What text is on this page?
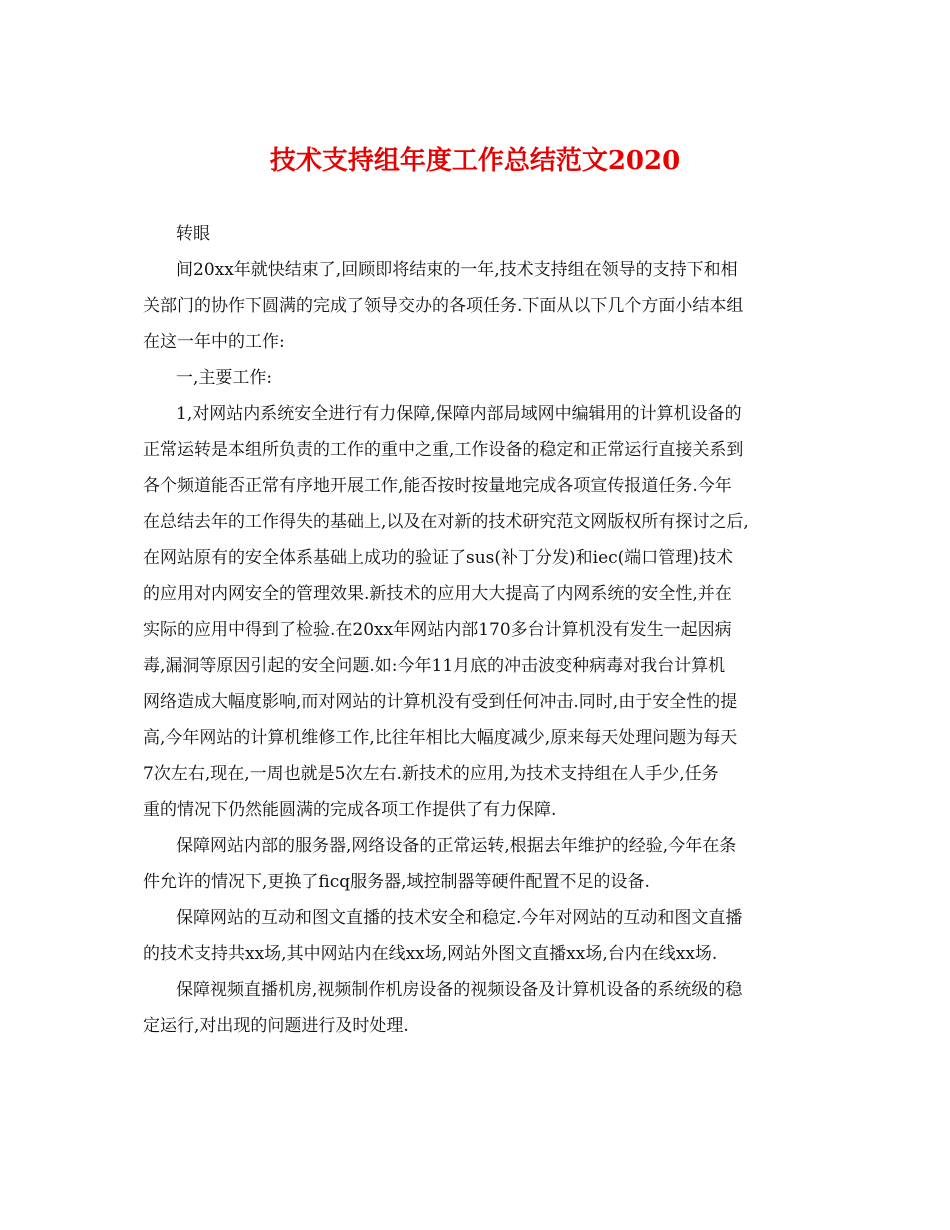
技术支持组年度工作总结范文2020
转眼
间20xx年就快结束了,回顾即将结束的一年,技术支持组在领导的支持下和相
关部门的协作下圆满的完成了领导交办的各项任务.下面从以下几个方面小结本组
在这一年中的工作:
一,主要工作:
1,对网站内系统安全进行有力保障,保障内部局域网中编辑用的计算机设备的
正常运转是本组所负责的工作的重中之重,工作设备的稳定和正常运行直接关系到
各个频道能否正常有序地开展工作,能否按时按量地完成各项宣传报道任务.今年
在总结去年的工作得失的基础上,以及在对新的技术研究范文网版权所有探讨之后,
在网站原有的安全体系基础上成功的验证了sus(补丁分发)和iec(端口管理)技术
的应用对内网安全的管理效果.新技术的应用大大提高了内网系统的安全性,并在
实际的应用中得到了检验.在20xx年网站内部170多台计算机没有发生一起因病
毒,漏洞等原因引起的安全问题.如:今年11月底的冲击波变种病毒对我台计算机
网络造成大幅度影响,而对网站的计算机没有受到任何冲击.同时,由于安全性的提
高,今年网站的计算机维修工作,比往年相比大幅度减少,原来每天处理问题为每天
7次左右,现在,一周也就是5次左右.新技术的应用,为技术支持组在人手少,任务
重的情况下仍然能圆满的完成各项工作提供了有力保障.
保障网站内部的服务器,网络设备的正常运转,根据去年维护的经验,今年在条
件允许的情况下,更换了ficq服务器,域控制器等硬件配置不足的设备.
保障网站的互动和图文直播的技术安全和稳定.今年对网站的互动和图文直播
的技术支持共xx场,其中网站内在线xx场,网站外图文直播xx场,台内在线xx场.
保障视频直播机房,视频制作机房设备的视频设备及计算机设备的系统级的稳
定运行,对出现的问题进行及时处理.
